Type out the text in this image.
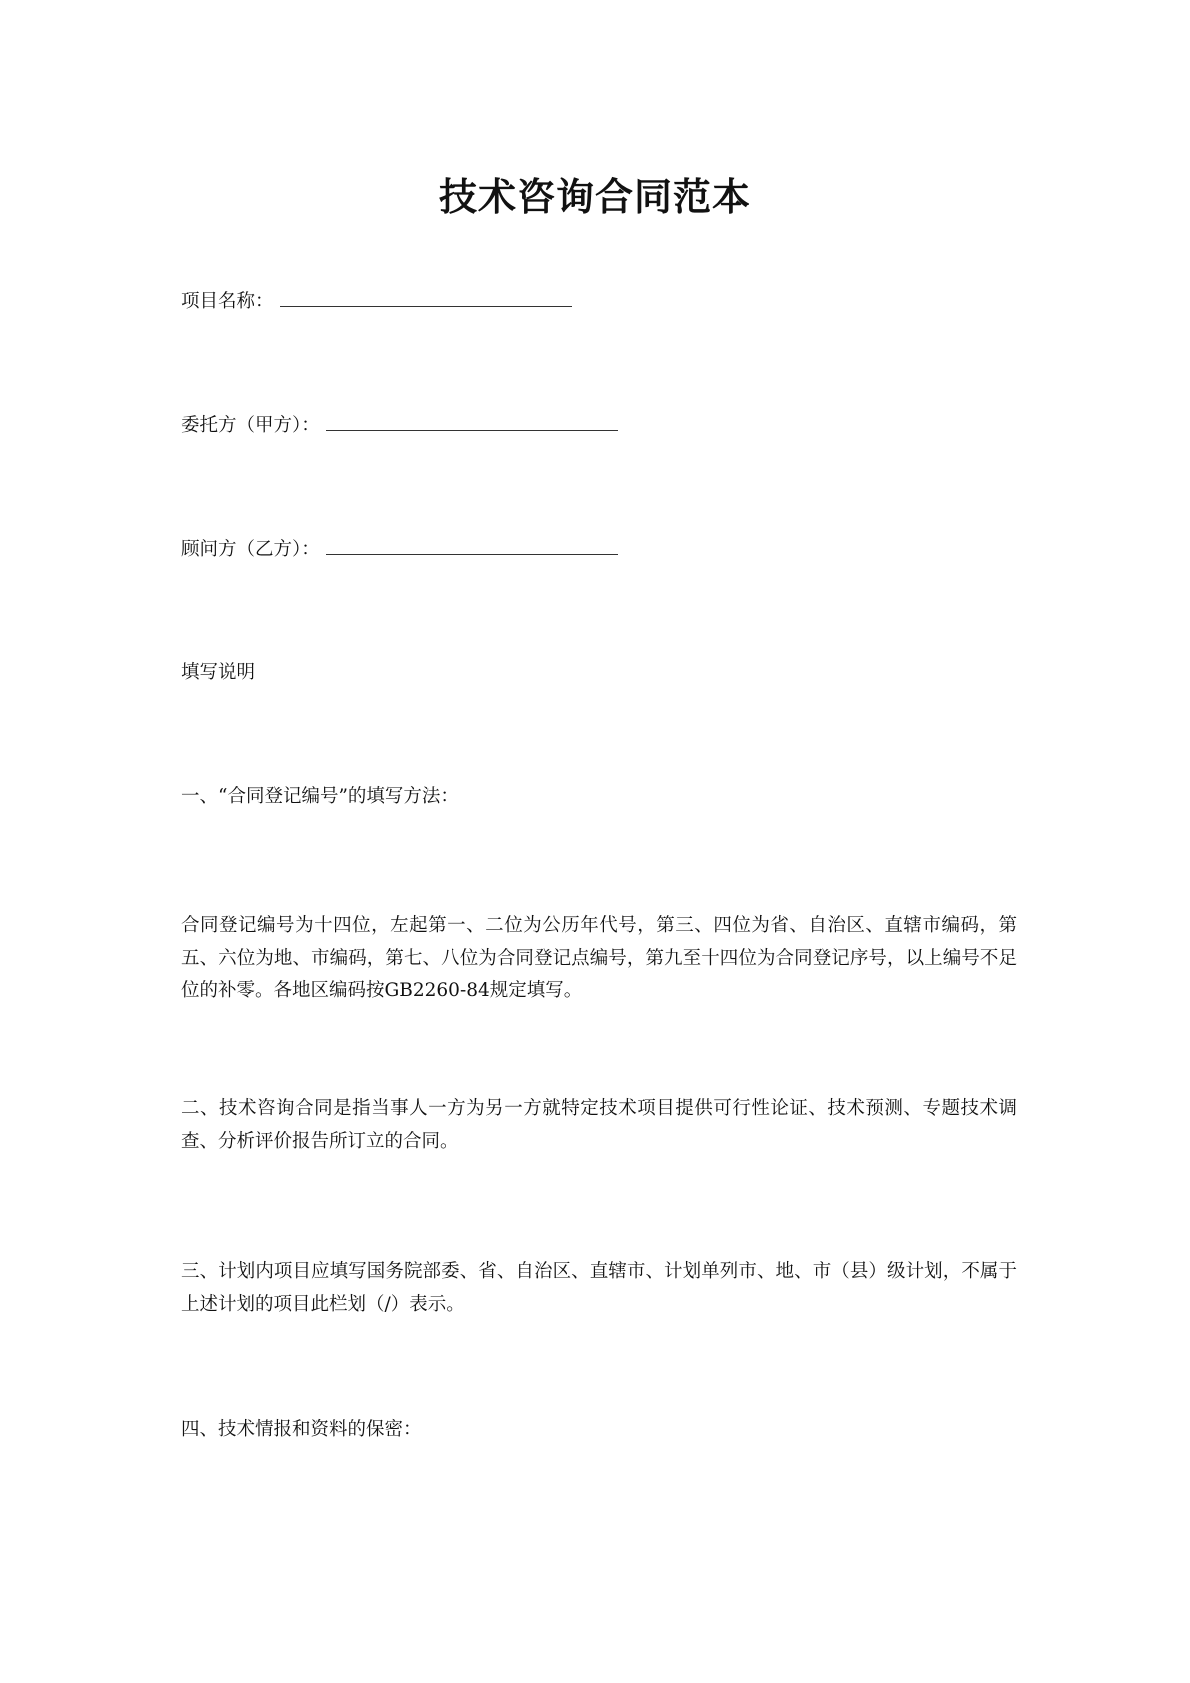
技术咨询合同范本
项目名称：
委托方（甲方）：
顾问方（乙方）：
填写说明
一、“合同登记编号”的填写方法：
合同登记编号为十四位，左起第一、二位为公历年代号，第三、四位为省、自治区、直辖市编码，第五、六位为地、市编码，第七、八位为合同登记点编号，第九至十四位为合同登记序号，以上编号不足位的补零。各地区编码按GB2260-84规定填写。
二、技术咨询合同是指当事人一方为另一方就特定技术项目提供可行性论证、技术预测、专题技术调查、分析评价报告所订立的合同。
三、计划内项目应填写国务院部委、省、自治区、直辖市、计划单列市、地、市（县）级计划，不属于上述计划的项目此栏划（/）表示。
四、技术情报和资料的保密：
